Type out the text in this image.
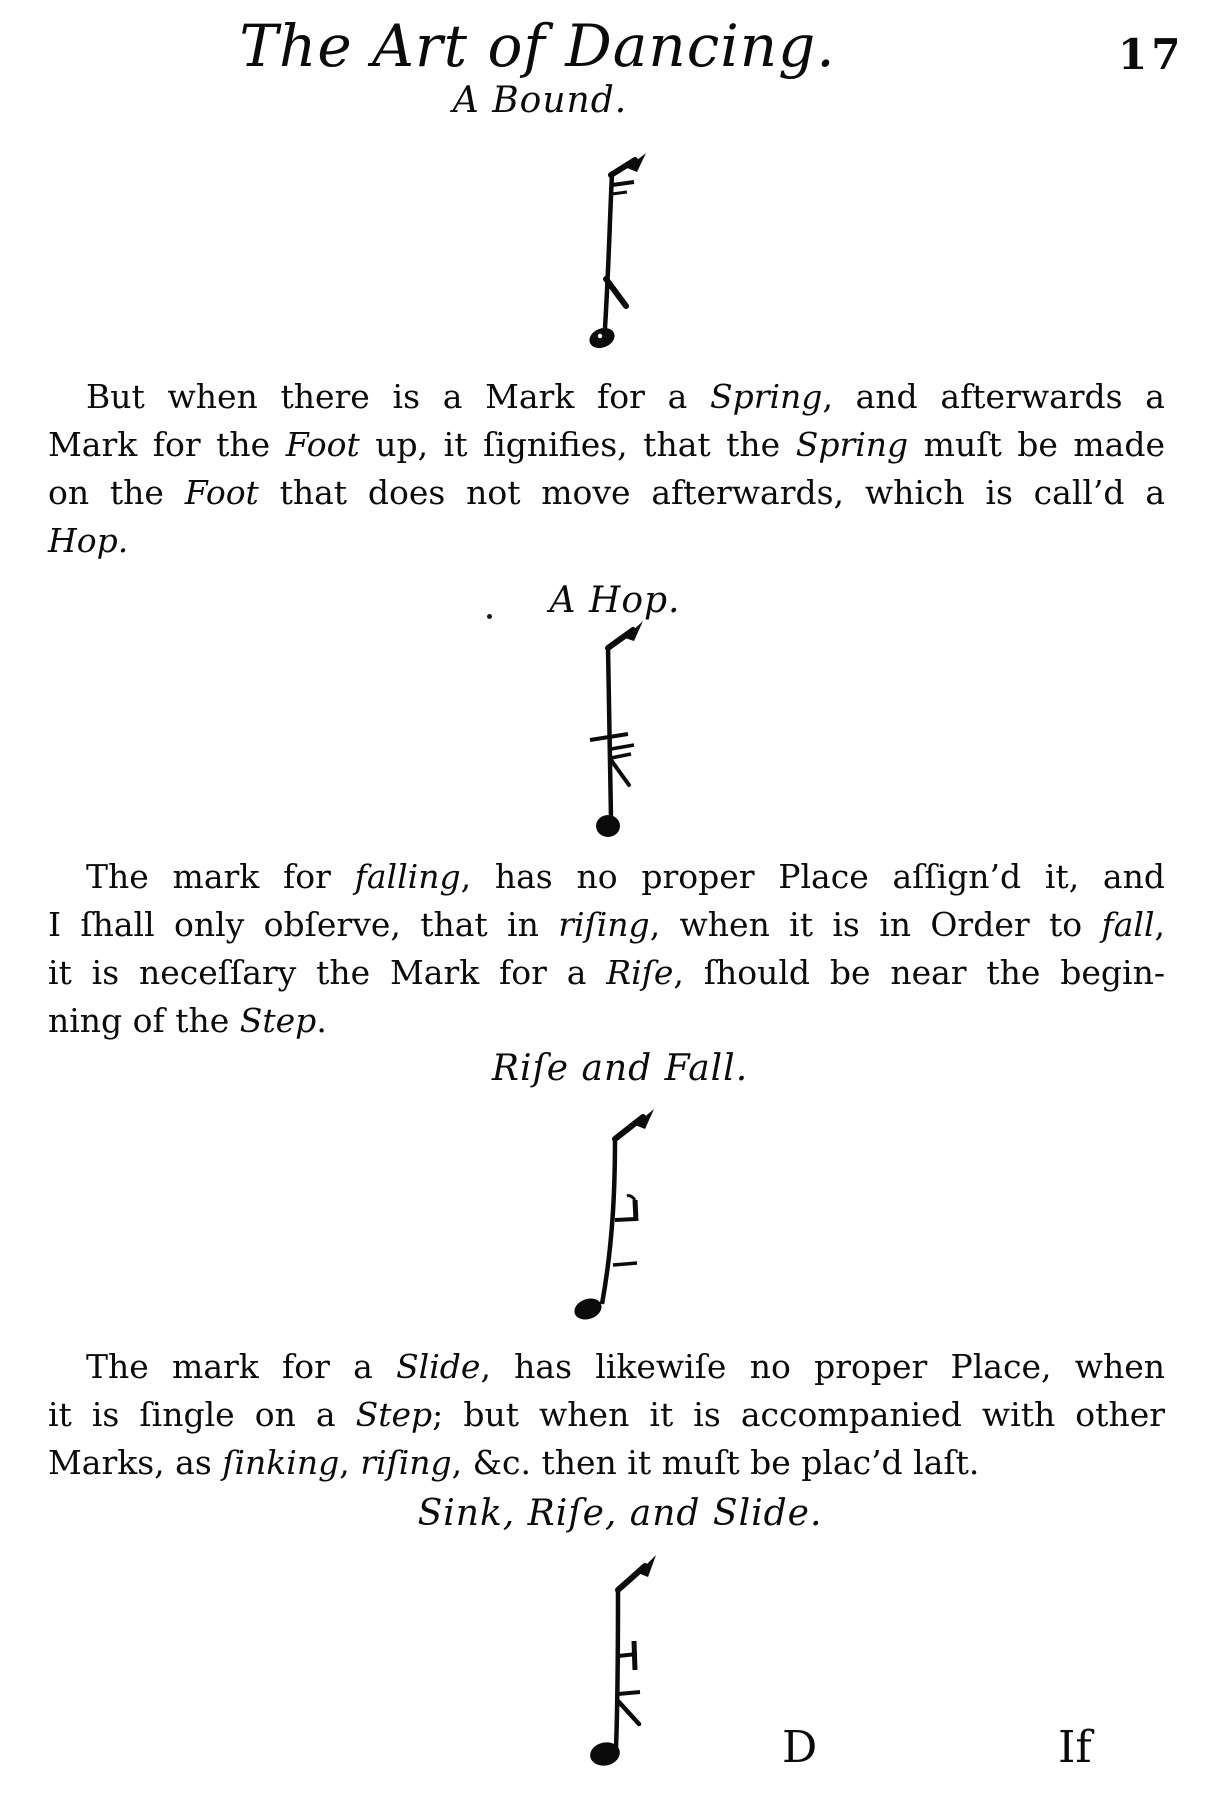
The Art of Dancing.	17
A Bound.
But when there is a Mark for a Spring, and afterwards a
Mark for the Foot up, it ſignifies, that the Spring muſt be made
on the Foot that does not move afterwards, which is call’d a
Hop.
A Hop.
The mark for falling, has no proper Place aſſign’d it, and
I ſhall only obſerve, that in riſing, when it is in Order to fall,
it is neceſſary the Mark for a Riſe, ſhould be near the begin-
ning of the Step.
Riſe and Fall.
The mark for a Slide, has likewiſe no proper Place, when
it is ſingle on a Step; but when it is accompanied with other
Marks, as ſinking, riſing, &c. then it muſt be plac’d laſt.
Sink, Riſe, and Slide.
D	If
